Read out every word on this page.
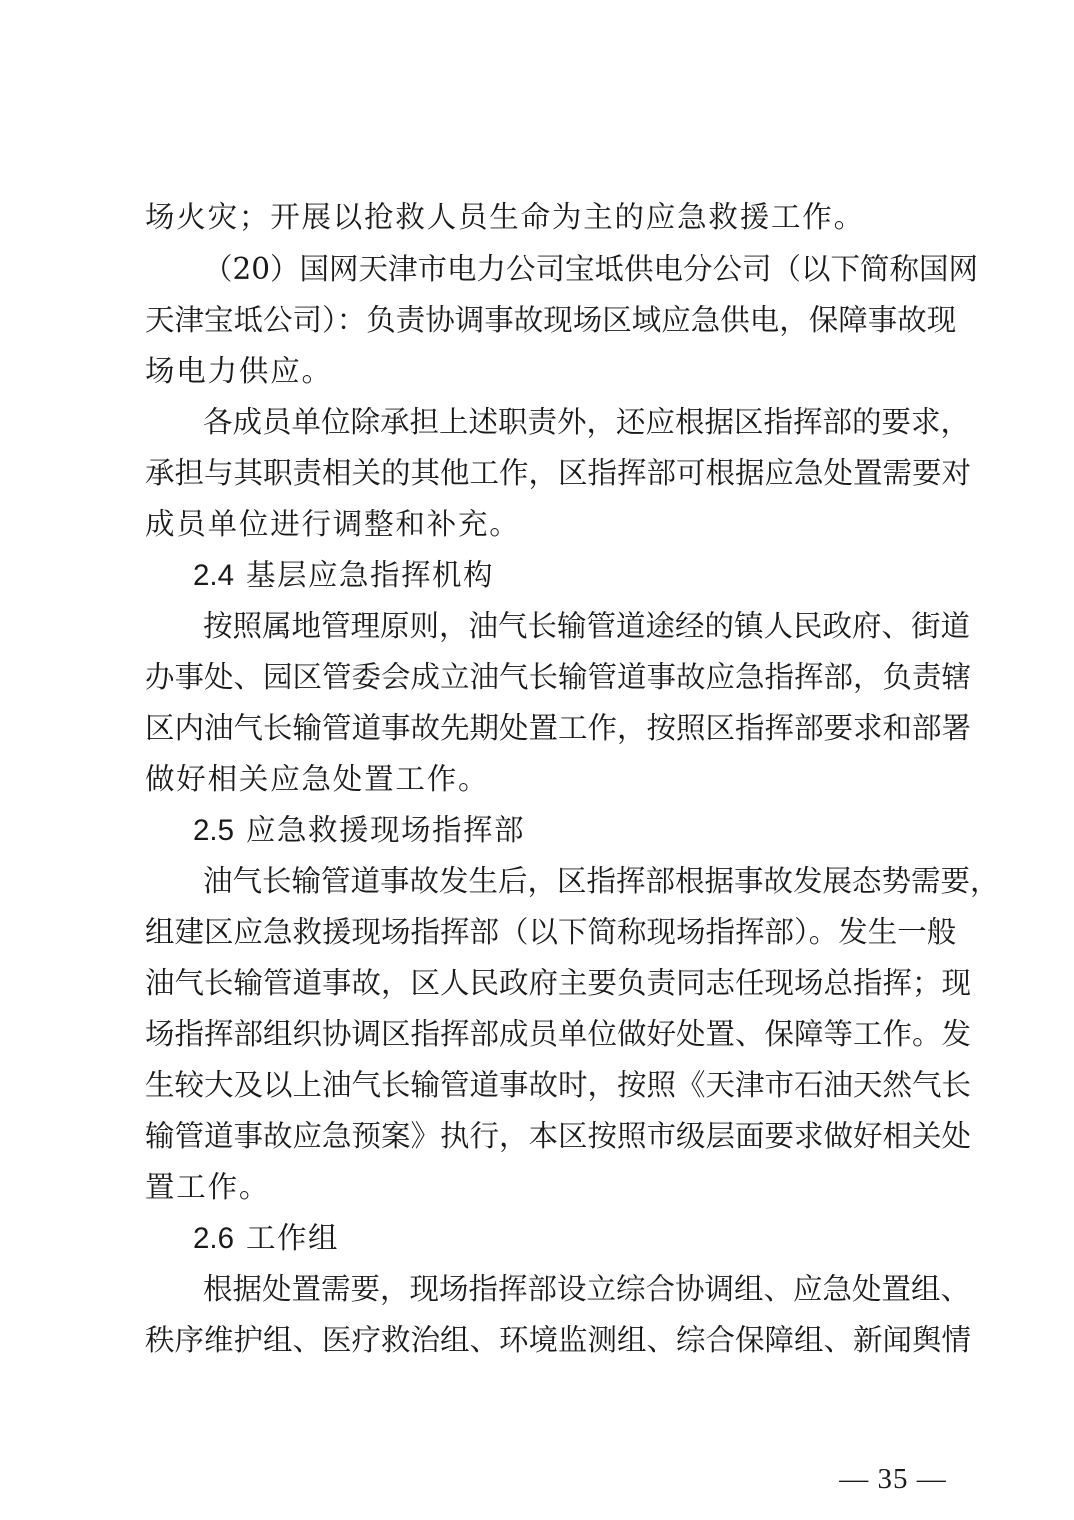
场火灾；开展以抢救人员生命为主的应急救援工作。
（20）国网天津市电力公司宝坻供电分公司（以下简称国网
天津宝坻公司）：负责协调事故现场区域应急供电，保障事故现
场电力供应。
各成员单位除承担上述职责外，还应根据区指挥部的要求，
承担与其职责相关的其他工作，区指挥部可根据应急处置需要对
成员单位进行调整和补充。
2.4 基层应急指挥机构
按照属地管理原则，油气长输管道途经的镇人民政府、街道
办事处、园区管委会成立油气长输管道事故应急指挥部，负责辖
区内油气长输管道事故先期处置工作，按照区指挥部要求和部署
做好相关应急处置工作。
2.5 应急救援现场指挥部
油气长输管道事故发生后，区指挥部根据事故发展态势需要，
组建区应急救援现场指挥部（以下简称现场指挥部）。发生一般
油气长输管道事故，区人民政府主要负责同志任现场总指挥；现
场指挥部组织协调区指挥部成员单位做好处置、保障等工作。发
生较大及以上油气长输管道事故时，按照《天津市石油天然气长
输管道事故应急预案》执行，本区按照市级层面要求做好相关处
置工作。
2.6 工作组
根据处置需要，现场指挥部设立综合协调组、应急处置组、
秩序维护组、医疗救治组、环境监测组、综合保障组、新闻舆情
— 35 —
